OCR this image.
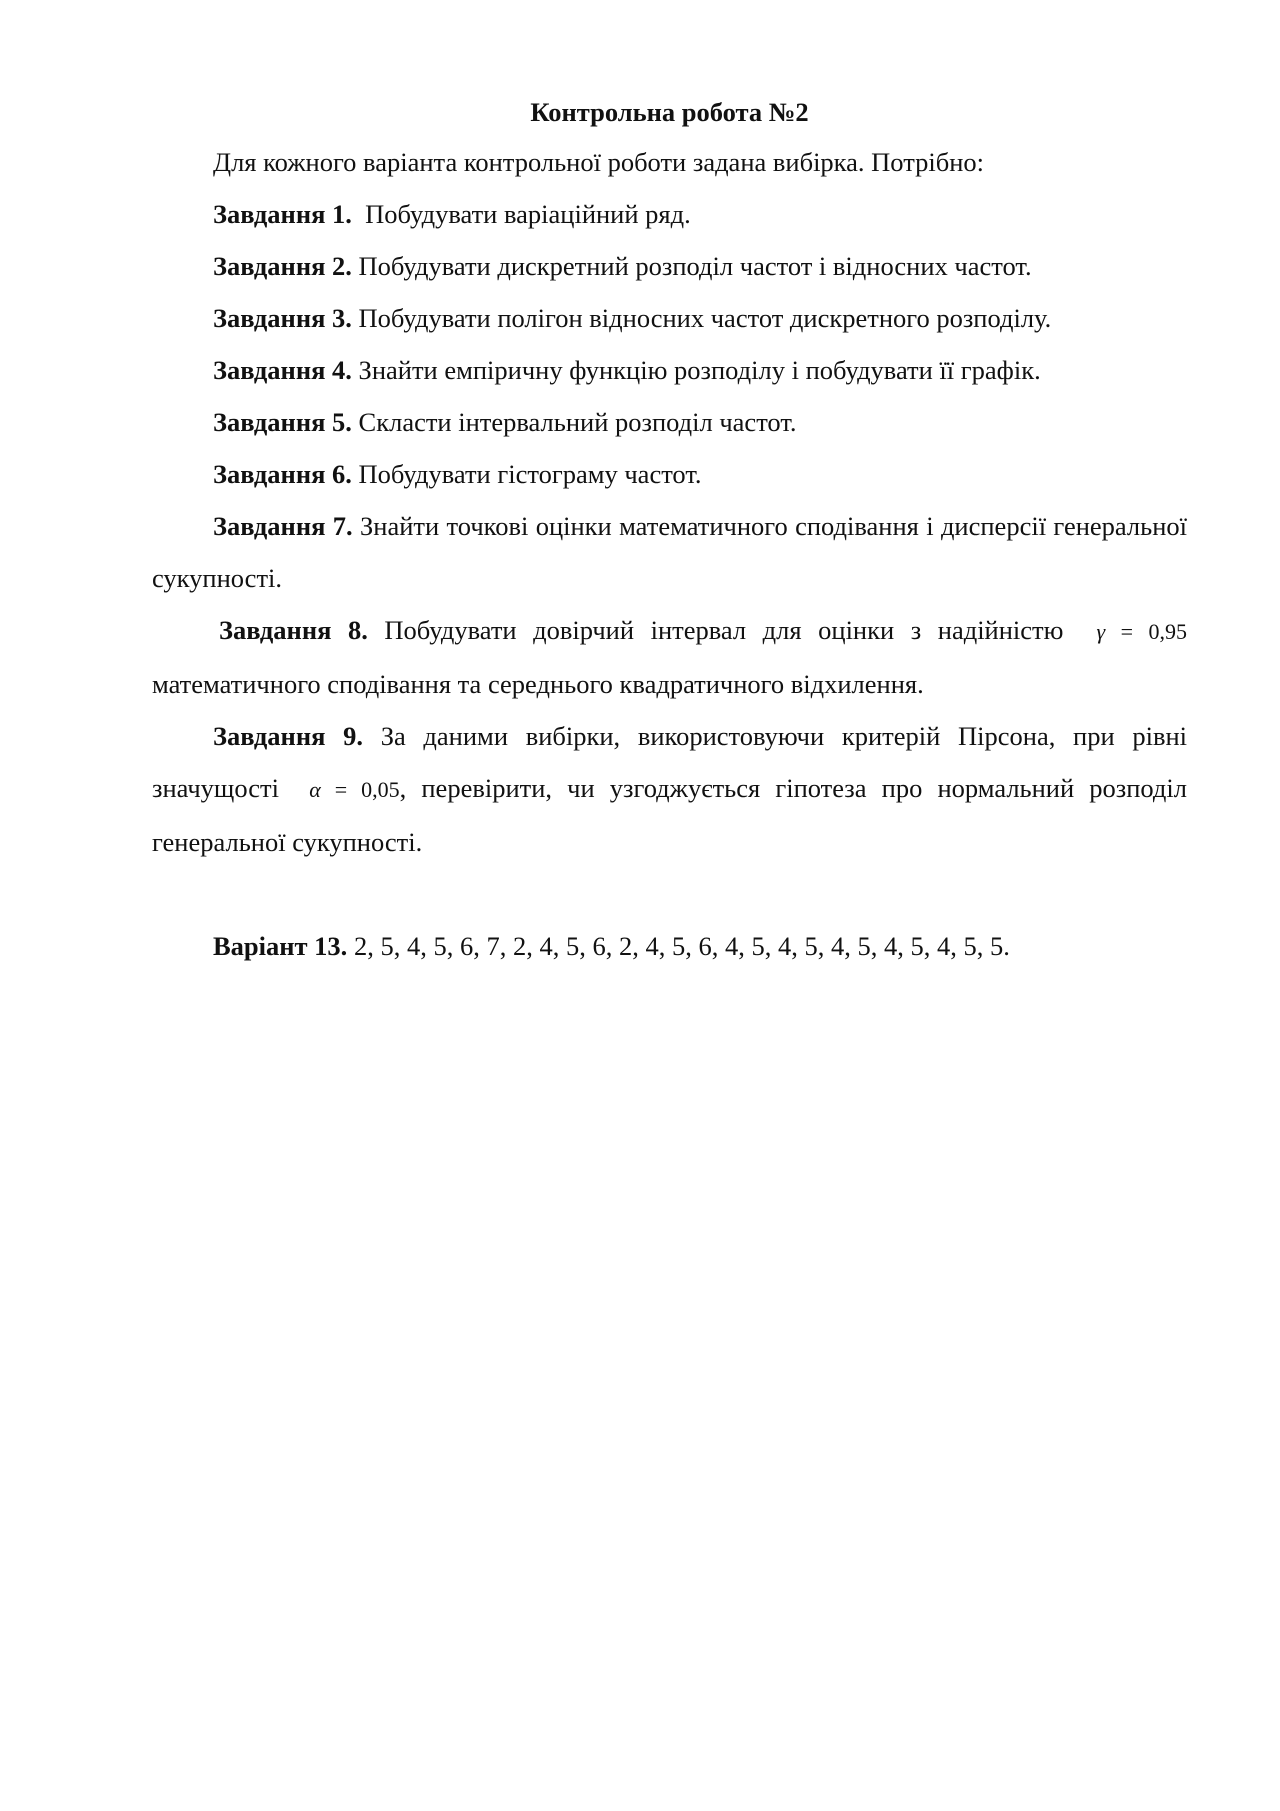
Контрольна робота №2

Для кожного варіанта контрольної роботи задана вибірка. Потрібно:

Завдання 1. Побудувати варіаційний ряд.

Завдання 2. Побудувати дискретний розподіл частот і відносних частот.

Завдання 3. Побудувати полігон відносних частот дискретного розподілу.

Завдання 4. Знайти емпіричну функцію розподілу і побудувати її графік.

Завдання 5. Скласти інтервальний розподіл частот.

Завдання 6. Побудувати гістограму частот.

Завдання 7. Знайти точкові оцінки математичного сподівання і дисперсії генеральної сукупності.

Завдання 8. Побудувати довірчий інтервал для оцінки з надійністю γ = 0,95 математичного сподівання та середнього квадратичного відхилення.

Завдання 9. За даними вибірки, використовуючи критерій Пірсона, при рівні значущості α = 0,05, перевірити, чи узгоджується гіпотеза про нормальний розподіл генеральної сукупності.

Варіант 13. 2, 5, 4, 5, 6, 7, 2, 4, 5, 6, 2, 4, 5, 6, 4, 5, 4, 5, 4, 5, 4, 5, 4, 5, 5.
